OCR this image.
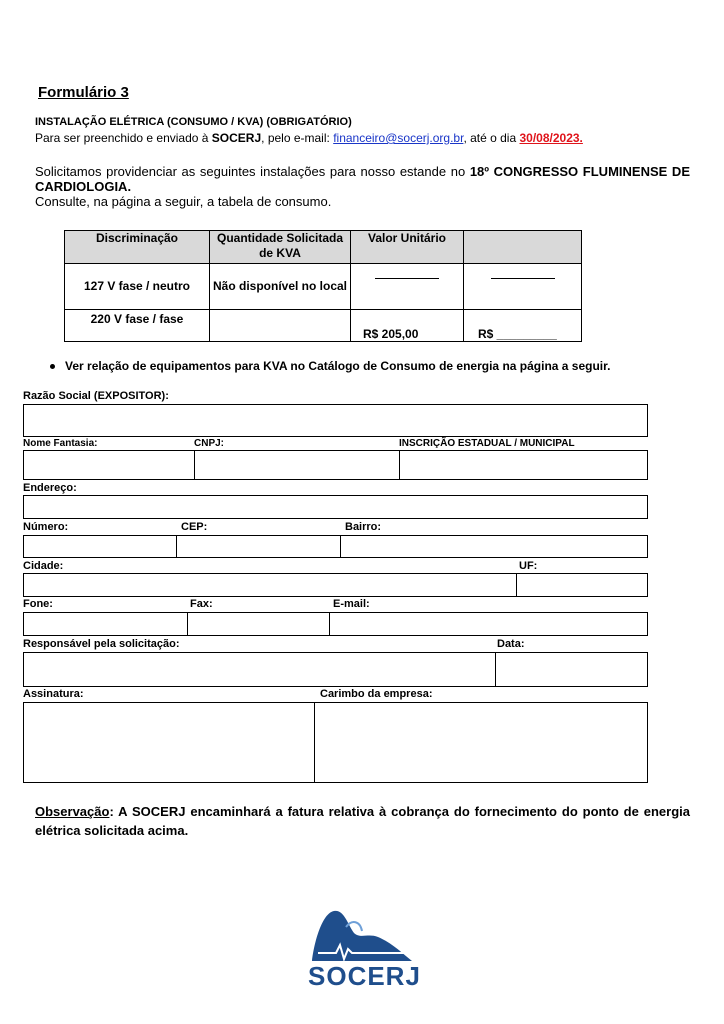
Formulário 3
INSTALAÇÃO ELÉTRICA (CONSUMO / KVA) (OBRIGATÓRIO)
Para ser preenchido e enviado à SOCERJ, pelo e-mail: financeiro@socerj.org.br, até o dia 30/08/2023.
Solicitamos providenciar as seguintes instalações para nosso estande no 18º CONGRESSO FLUMINENSE DE CARDIOLOGIA.
Consulte, na página a seguir, a tabela de consumo.
Discriminação	Quantidade Solicitada de KVA	Valor Unitário	
127 V fase / neutro	Não disponível no local		
220 V fase / fase		R$ 205,00	R$ _________
Ver relação de equipamentos para KVA no Catálogo de Consumo de energia na página a seguir.
Razão Social (EXPOSITOR):
Nome Fantasia:	CNPJ:	INSCRIÇÃO ESTADUAL / MUNICIPAL
Endereço:
Número:	CEP:	Bairro:
Cidade:	UF:
Fone:	Fax:	E-mail:
Responsável pela solicitação:	Data:
Assinatura:	Carimbo da empresa:
Observação: A SOCERJ encaminhará a fatura relativa à cobrança do fornecimento do ponto de energia elétrica solicitada acima.
SOCERJ
